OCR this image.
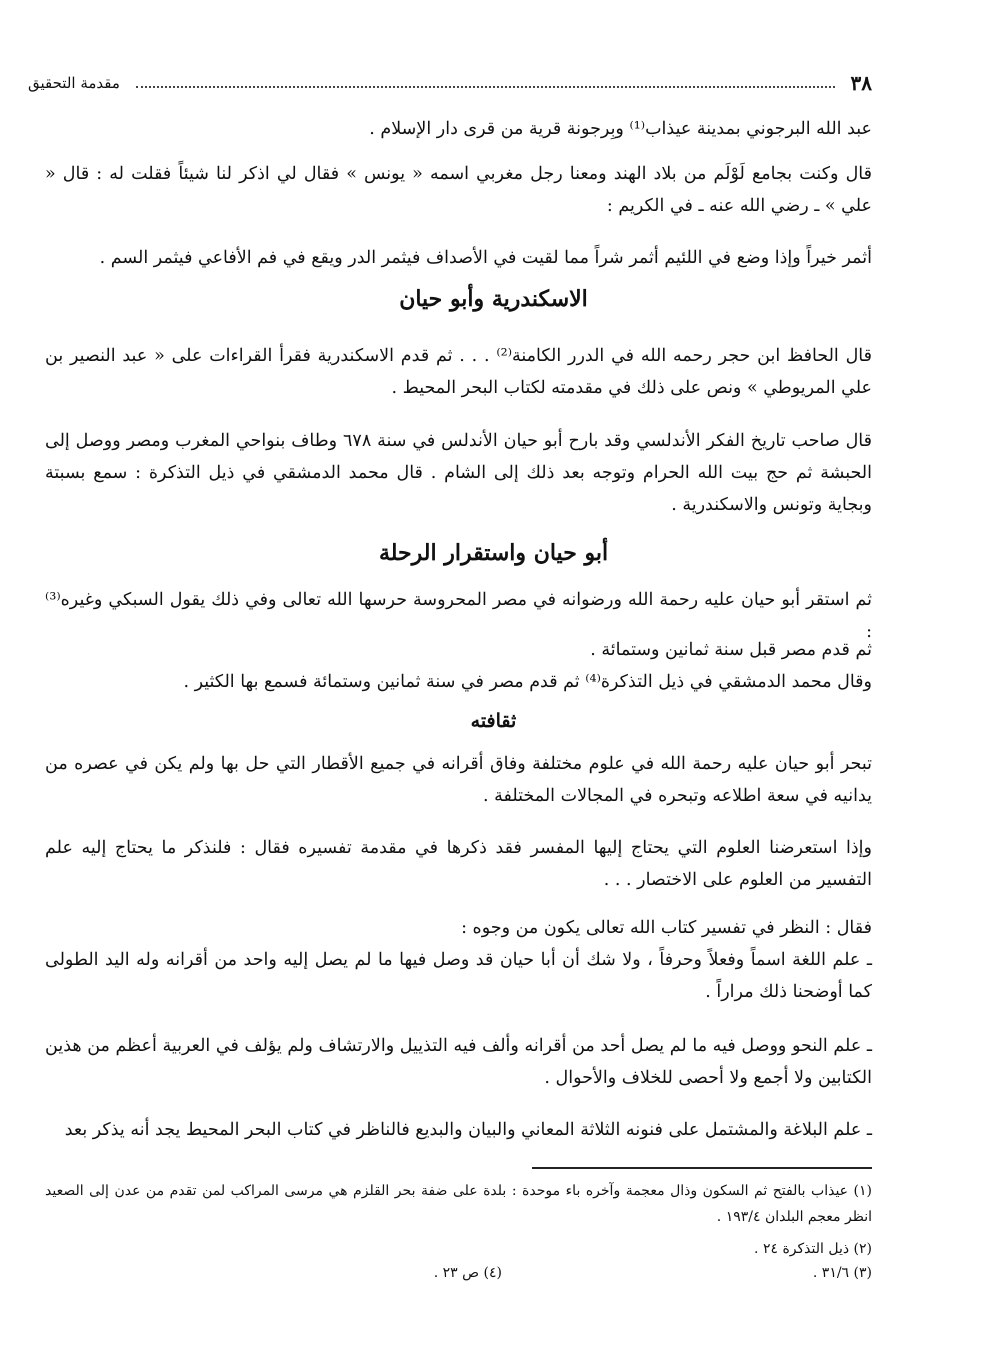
٣٨
مقدمة التحقيق
عبد الله البرجوني بمدينة عيذاب⁽¹⁾ وبِرجونة قرية من قرى دار الإسلام .
قال وكنت بجامع لَوْلَم من بلاد الهند ومعنا رجل مغربي اسمه « يونس » فقال لي اذكر لنا شيئاً فقلت له : قال « علي » ـ رضي الله عنه ـ في الكريم :
أثمر خيراً وإذا وضع في اللئيم أثمر شراً مما لقيت في الأصداف فيثمر الدر ويقع في فم الأفاعي فيثمر السم .
الاسكندرية وأبو حيان
قال الحافظ ابن حجر رحمه الله في الدرر الكامنة⁽²⁾ . . . ثم قدم الاسكندرية فقرأ القراءات على « عبد النصير بن علي المريوطي » ونص على ذلك في مقدمته لكتاب البحر المحيط .
قال صاحب تاريخ الفكر الأندلسي وقد بارح أبو حيان الأندلس في سنة ٦٧٨ وطاف بنواحي المغرب ومصر ووصل إلى الحبشة ثم حج بيت الله الحرام وتوجه بعد ذلك إلى الشام . قال محمد الدمشقي في ذيل التذكرة : سمع بسبتة وبجاية وتونس والاسكندرية .
أبو حيان واستقرار الرحلة
ثم استقر أبو حيان عليه رحمة الله ورضوانه في مصر المحروسة حرسها الله تعالى وفي ذلك يقول السبكي وغيره⁽³⁾ :
ثم قدم مصر قبل سنة ثمانين وستمائة .
وقال محمد الدمشقي في ذيل التذكرة⁽⁴⁾ ثم قدم مصر في سنة ثمانين وستمائة فسمع بها الكثير .
ثقافته
تبحر أبو حيان عليه رحمة الله في علوم مختلفة وفاق أقرانه في جميع الأقطار التي حل بها ولم يكن في عصره من يدانيه في سعة اطلاعه وتبحره في المجالات المختلفة .
وإذا استعرضنا العلوم التي يحتاج إليها المفسر فقد ذكرها في مقدمة تفسيره فقال : فلنذكر ما يحتاج إليه علم التفسير من العلوم على الاختصار . . .
فقال : النظر في تفسير كتاب الله تعالى يكون من وجوه :
ـ علم اللغة اسماً وفعلاً وحرفاً ، ولا شك أن أبا حيان قد وصل فيها ما لم يصل إليه واحد من أقرانه وله اليد الطولى كما أوضحنا ذلك مراراً .
ـ علم النحو ووصل فيه ما لم يصل أحد من أقرانه وألف فيه التذييل والارتشاف ولم يؤلف في العربية أعظم من هذين الكتابين ولا أجمع ولا أحصى للخلاف والأحوال .
ـ علم البلاغة والمشتمل على فنونه الثلاثة المعاني والبيان والبديع فالناظر في كتاب البحر المحيط يجد أنه يذكر بعد
(١) عيذاب بالفتح ثم السكون وذال معجمة وآخره باء موحدة : بلدة على ضفة بحر القلزم هي مرسى المراكب لمن تقدم من عدن إلى الصعيد انظر معجم البلدان ١٩٣/٤ .
(٢) ذيل التذكرة ٢٤ .
(٣) ٣١/٦ .
(٤) ص ٢٣ .
